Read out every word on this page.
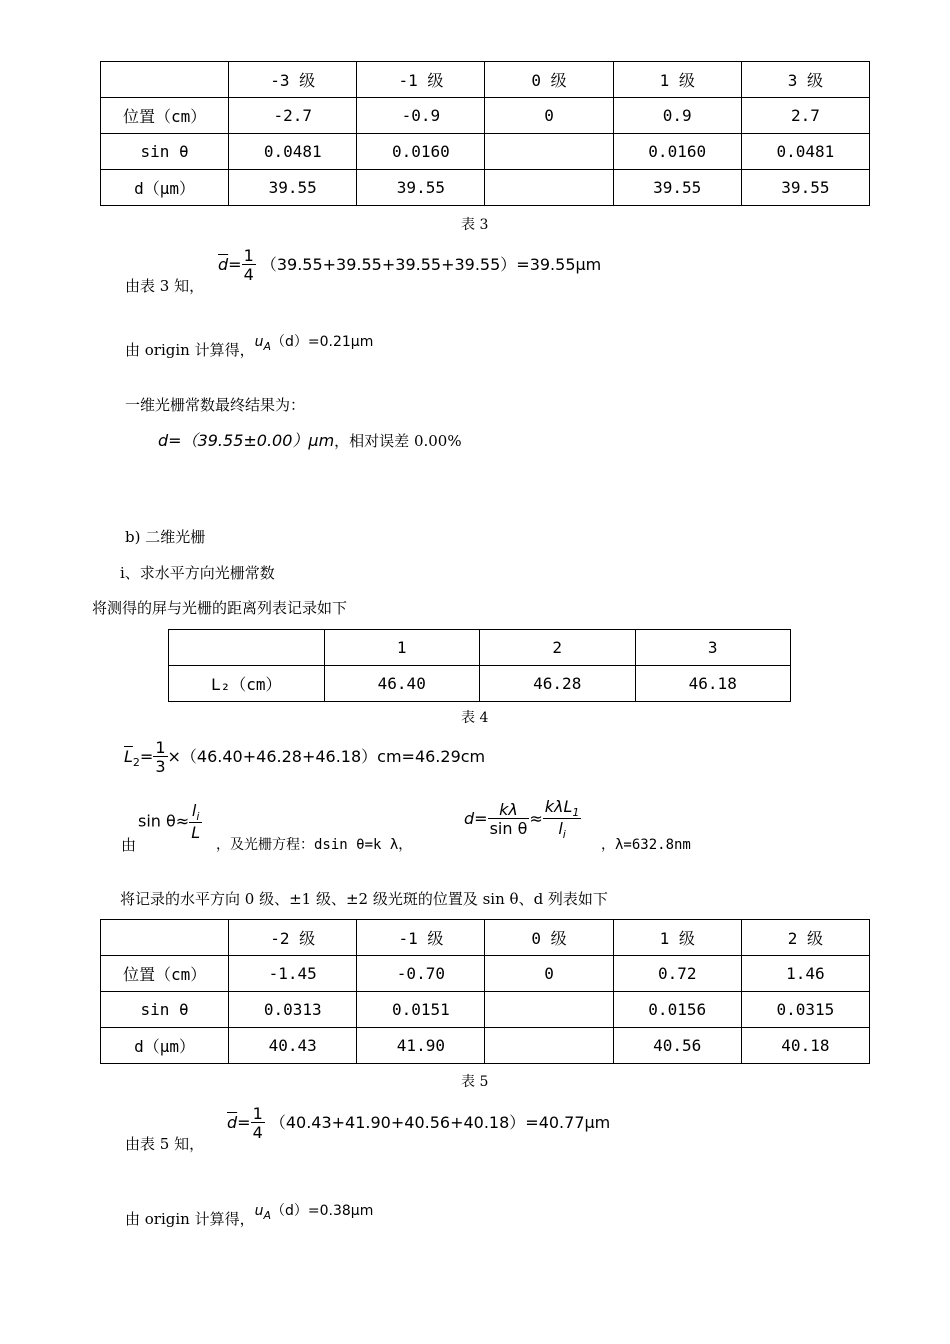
	-3 级	-1 级	0 级	1 级	3 级
位置（cm）	-2.7	-0.9	0	0.9	2.7
sin θ	0.0481	0.0160		0.0160	0.0481
d（μm）	39.55	39.55		39.55	39.55
表 3
由表 3 知，
$\overline{d}= \frac{1}{4} (39.55+39.55+39.55+39.55)=39.55\mu m$
由 origin 计算得，$u_A(d)=0.21\mu m$
一维光栅常数最终结果为：
d=（39.55±0.00）μm，相对误差 0.00%
b) 二维光栅
i、求水平方向光栅常数
将测得的屏与光栅的距离列表记录如下
	1	2	3
L₂（cm）	46.40	46.28	46.18
表 4
$\overline{L}_2= \frac{1}{3} \times(46.40+46.28+46.18)cm=46.29cm$
由
$\sin \theta\approx \frac{l_i}{L}$
，及光栅方程：dsin θ=k λ，
$d= \frac{k\lambda}{\text{sin θ}} \approx \frac{k\lambda L_1}{l_i}$
，λ=632.8nm
将记录的水平方向 0 级、±1 级、±2 级光斑的位置及 sin θ、d 列表如下
	-2 级	-1 级	0 级	1 级	2 级
位置（cm）	-1.45	-0.70	0	0.72	1.46
sin θ	0.0313	0.0151		0.0156	0.0315
d（μm）	40.43	41.90		40.56	40.18
表 5
由表 5 知，
$\overline{d}= \frac{1}{4} (40.43+41.90+40.56+40.18)=40.77\mu m$
由 origin 计算得，$u_A(d)=0.38\mu m$
